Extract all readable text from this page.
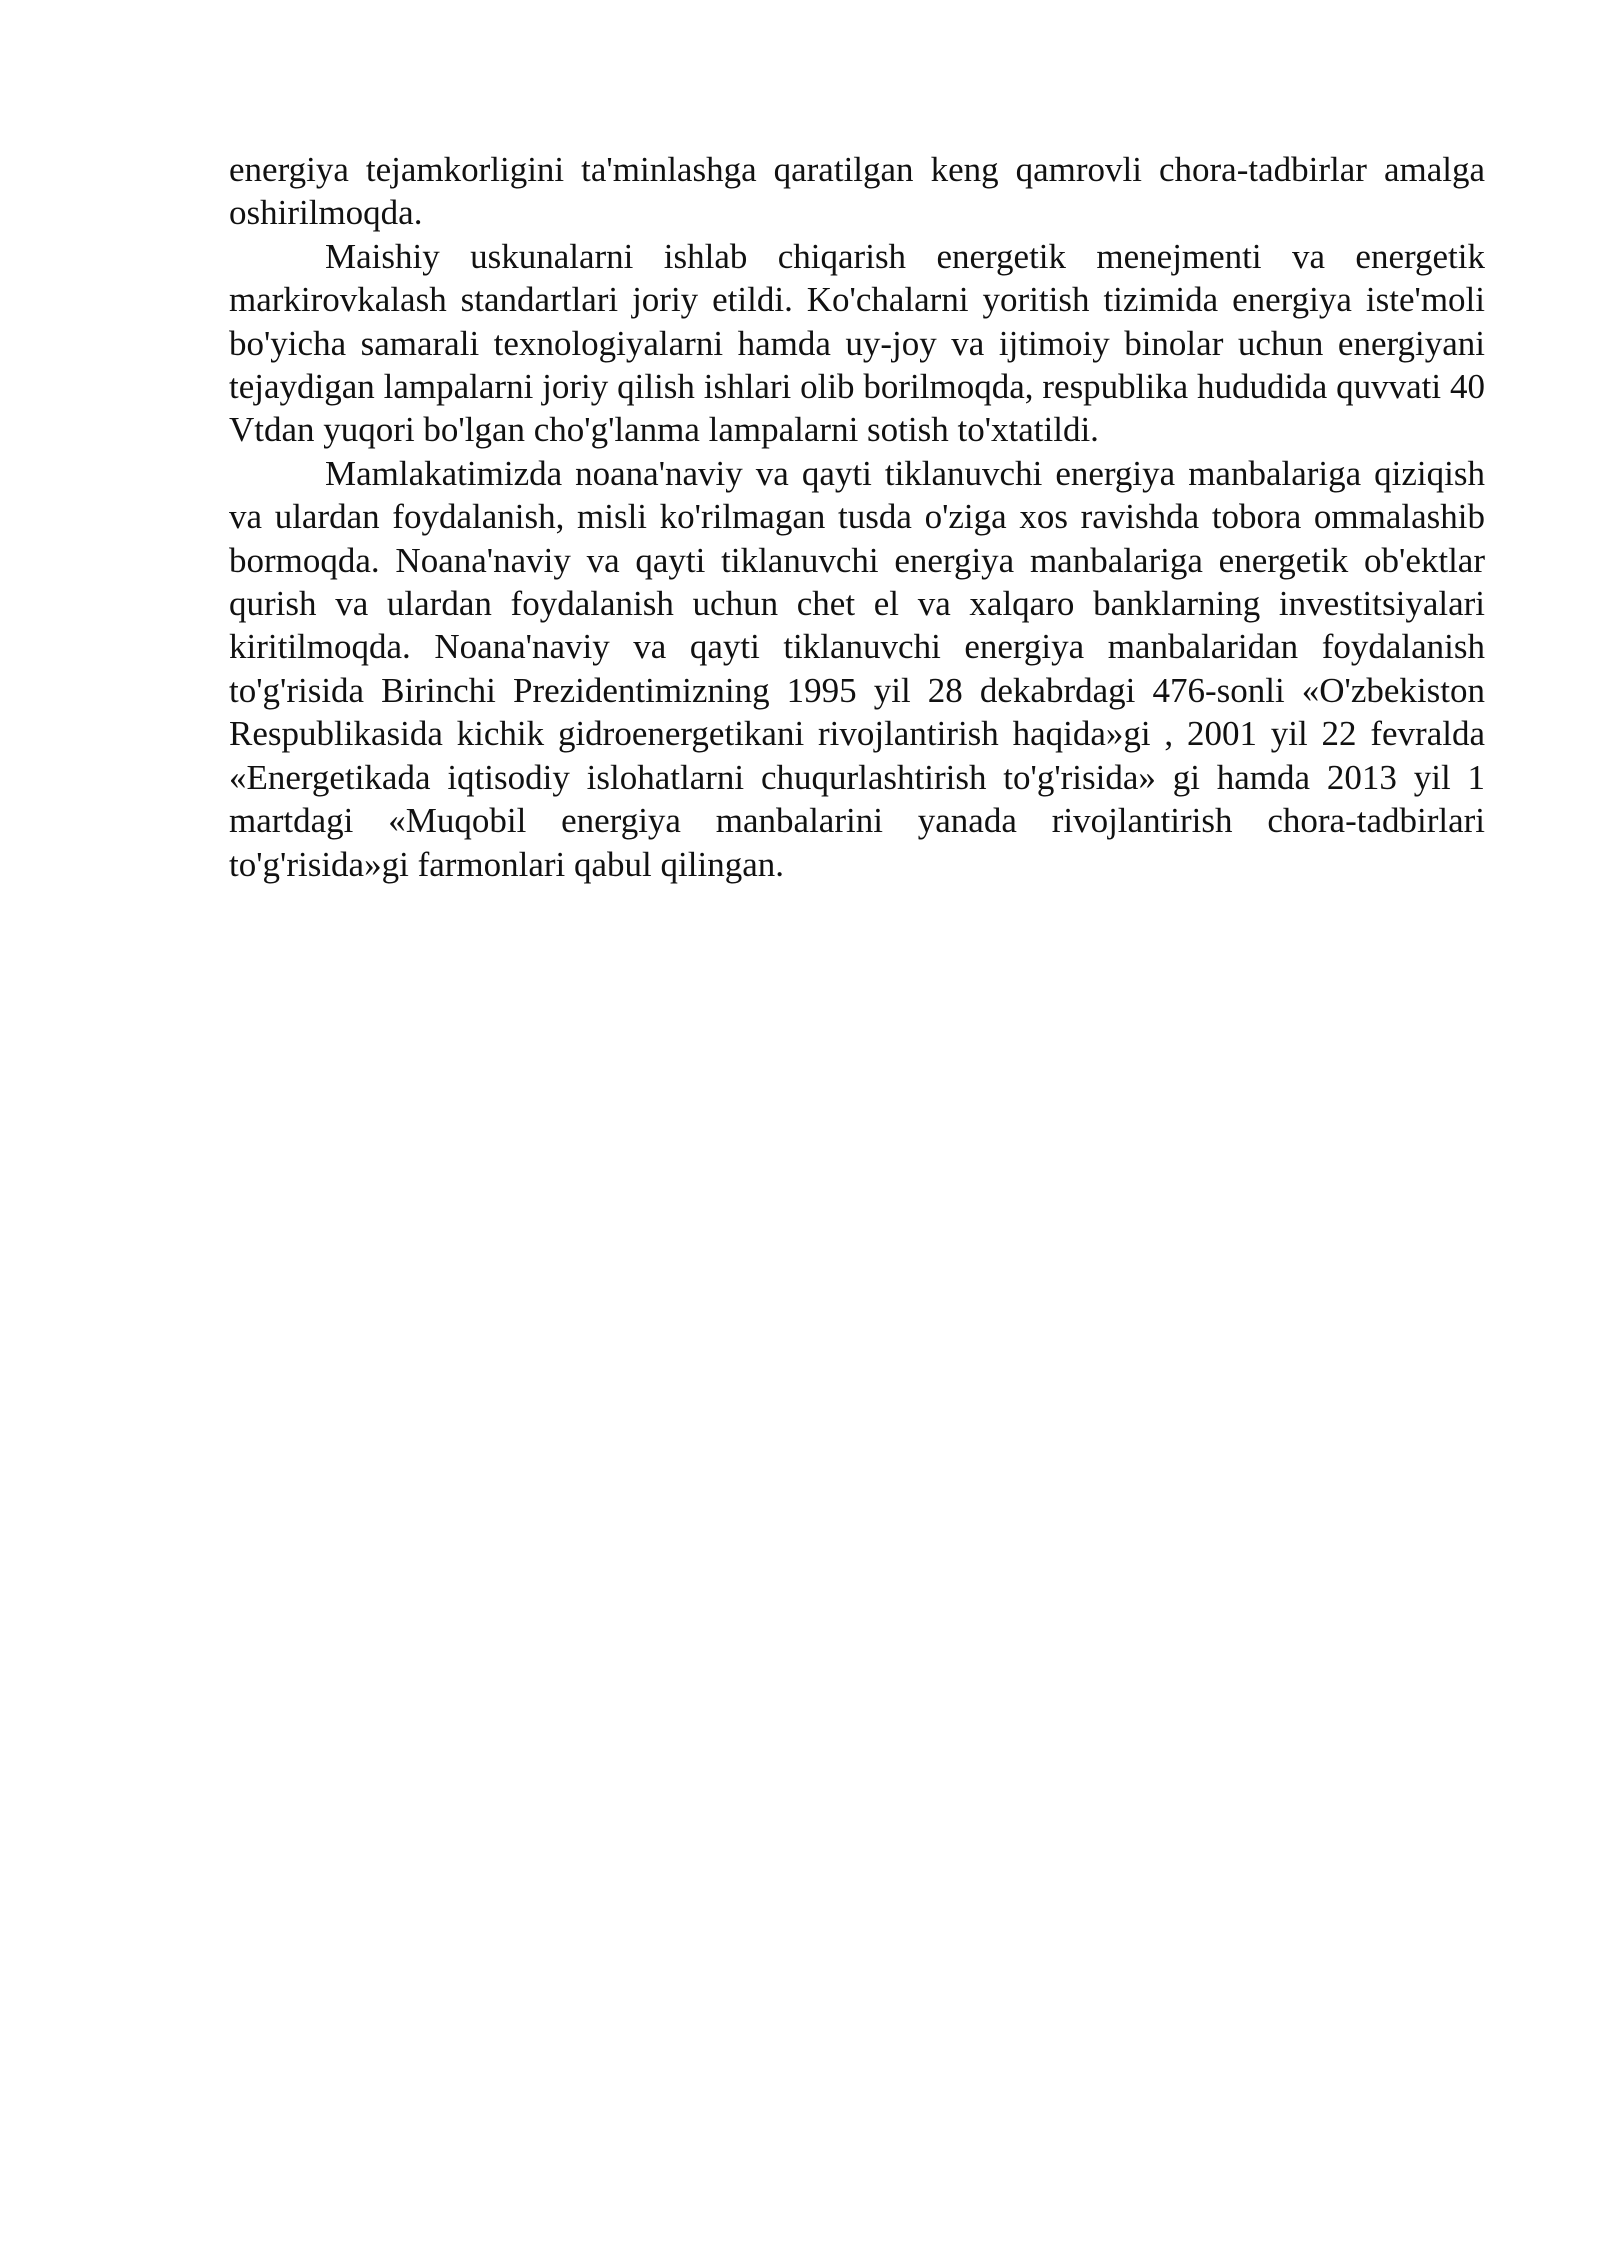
energiya tejamkorligini ta'minlashga qaratilgan keng qamrovli chora-tadbirlar amalga oshirilmoqda.

Maishiy uskunalarni ishlab chiqarish energetik menejmenti va energetik markirovkalash standartlari joriy etildi. Ko'chalarni yoritish tizimida energiya iste'moli bo'yicha samarali texnologiyalarni hamda uy-joy va ijtimoiy binolar uchun energiyani tejaydigan lampalarni joriy qilish ishlari olib borilmoqda, respublika hududida quvvati 40 Vtdan yuqori bo'lgan cho'g'lanma lampalarni sotish to'xtatildi.

Mamlakatimizda noana'naviy va qayti tiklanuvchi energiya manbalariga qiziqish va ulardan foydalanish, misli ko'rilmagan tusda o'ziga xos ravishda tobora ommalashib bormoqda. Noana'naviy va qayti tiklanuvchi energiya manbalariga energetik ob'ektlar qurish va ulardan foydalanish uchun chet el va xalqaro banklarning investitsiyalari kiritilmoqda. Noana'naviy va qayti tiklanuvchi energiya manbalaridan foydalanish to'g'risida Birinchi Prezidentimizning 1995 yil 28 dekabrdagi 476-sonli «O'zbekiston Respublikasida kichik gidroenergetikani rivojlantirish haqida»gi , 2001 yil 22 fevralda «Energetikada iqtisodiy islohatlarni chuqurlashtirish to'g'risida» gi hamda 2013 yil 1 martdagi «Muqobil energiya manbalarini yanada rivojlantirish chora-tadbirlari to'g'risida»gi farmonlari qabul qilingan.
